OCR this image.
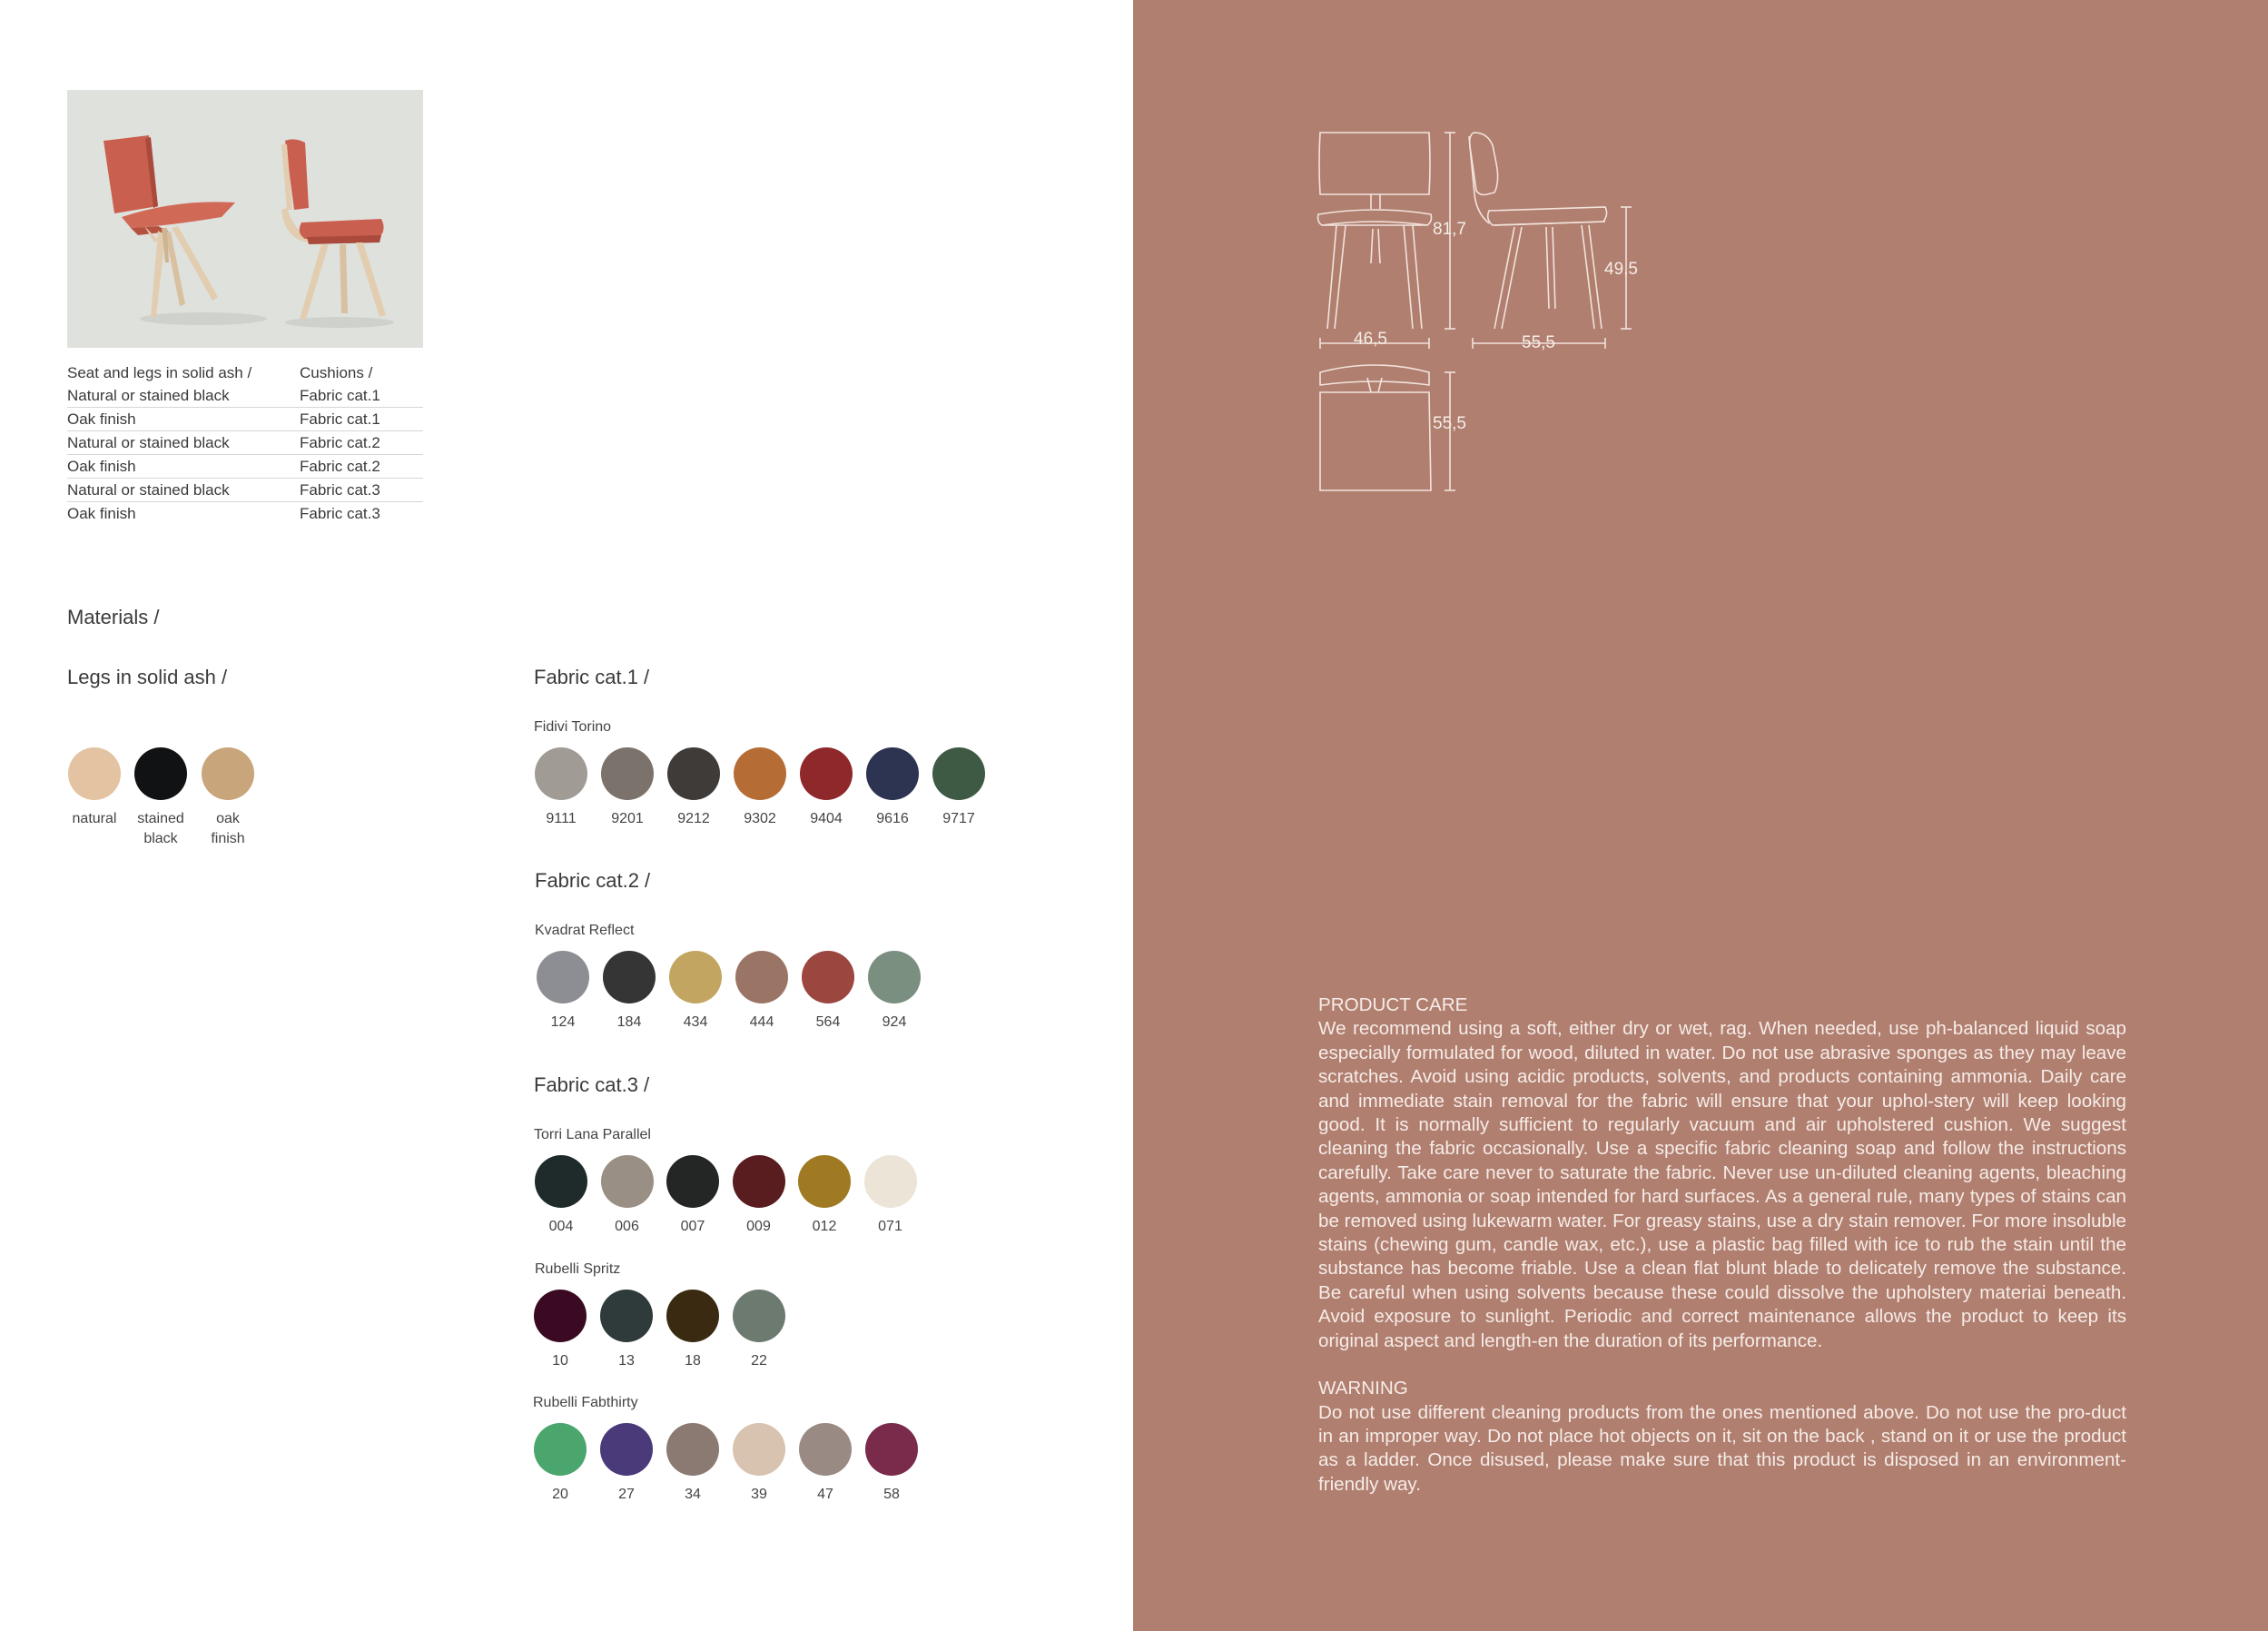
Seat and legs in solid ash /	Cushions /
Natural or stained black	Fabric cat.1
Oak finish	Fabric cat.1
Natural or stained black	Fabric cat.2
Oak finish	Fabric cat.2
Natural or stained black	Fabric cat.3
Oak finish	Fabric cat.3
Materials /
Legs in solid ash /
natural	stained
black
oak
finish
Fabric cat.1 /
Fidivi Torino
9111	9201	9212	9302	9404	9616	9717
Fabric cat.2 /
Kvadrat Reflect
124	184	434	444	564	924
Fabric cat.3 /
Torri Lana Parallel
004	006	007	009	012	071
Rubelli Spritz
10	13	18	22
Rubelli Fabthirty
20	27	34	39	47	58
81,7
49,5
46,5	55,5
55,5

PRODUCT CARE
We recommend using a soft, either dry or wet, rag. When needed, use ph-balanced liquid soap especially formulated for wood, diluted in water. Do not use abrasive sponges as they may leave scratches. Avoid using acidic products, solvents, and products containing ammonia. Daily care and immediate stain removal for the fabric will ensure that your uphol-stery will keep looking good. It is normally sufficient to regularly vacuum and air upholstered cushion. We suggest cleaning the fabric occasionally. Use a specific fabric cleaning soap and follow the instructions carefully. Take care never to saturate the fabric. Never use un-diluted cleaning agents, bleaching agents, ammonia or soap intended for hard surfaces. As a general rule, many types of stains can be removed using lukewarm water. For greasy stains, use a dry stain remover. For more insoluble stains (chewing gum, candle wax, etc.), use a plastic bag filled with ice to rub the stain until the substance has become friable. Use a clean flat blunt blade to delicately remove the substance. Be careful when using solvents because these could dissolve the upholstery materiai beneath. Avoid exposure to sunlight. Periodic and correct maintenance allows the product to keep its original aspect and length-en the duration of its performance.

WARNING
Do not use different cleaning products from the ones mentioned above. Do not use the pro-duct in an improper way. Do not place hot objects on it, sit on the back , stand on it or use the product as a ladder. Once disused, please make sure that this product is disposed in an environment-friendly way.
